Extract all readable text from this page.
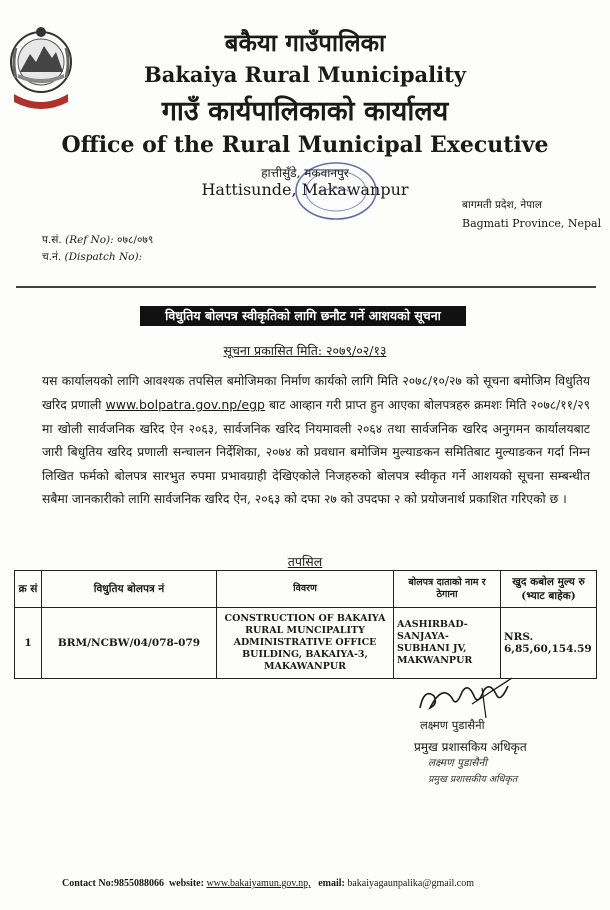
बकैया गाउँपालिका
Bakaiya Rural Municipality
गाउँ कार्यपालिकाको कार्यालय
Office of the Rural Municipal Executive
हात्तीसुँडे, मकवानपुर
Hattisunde, Makawanpur
बागमती प्रदेश, नेपाल
Bagmati Province, Nepal
प.सं. (Ref No): ०७८/०७९
च.नं. (Dispatch No):
विधुतिय बोलपत्र स्वीकृतिको लागि छनौट गर्ने आशयको सूचना
सूचना प्रकासित मिति: २०७९/०२/१३
यस कार्यालयको लागि आवश्यक तपसिल बमोजिमका निर्माण कार्यको लागि मिति २०७८/१०/२७ को सूचना बमोजिम विधुतिय खरिद प्रणाली www.bolpatra.gov.np/egp बाट आव्हान गरी प्राप्त हुन आएका बोलपत्रहरु क्रमशः मिति २०७८/११/२९ मा खोली सार्वजनिक खरिद ऐन २०६३, सार्वजनिक खरिद नियमावली २०६४ तथा सार्वजनिक खरिद अनुगमन कार्यालयबाट जारी बिधुतिय खरिद प्रणाली सन्चालन निर्देशिका, २०७४ को प्रवधान बमोजिम मुल्याङकन समितिबाट मुल्याङकन गर्दा निम्न लिखित फर्मको बोलपत्र सारभुत रुपमा प्रभावग्राही देखिएकोले निजहरुको बोलपत्र स्वीकृत गर्ने आशयको सूचना सम्बन्धीत सबैमा जानकारीको लागि सार्वजनिक खरिद ऐन, २०६३ को दफा २७ को उपदफा २ को प्रयोजनार्थ प्रकाशित गरिएको छ ।
तपसिल
क्र सं	विधुतिय बोलपत्र नं	विवरण	बोलपत्र दाताको नाम र ठेगाना	खुद कबोल मुल्य रु (भ्याट बाहेक)
1	BRM/NCBW/04/078-079	CONSTRUCTION OF BAKAIYA RURAL MUNCIPALITY ADMINISTRATIVE OFFICE BUILDING, BAKAIYA-3, MAKAWANPUR	AASHIRBAD-SANJAYA-SUBHANI JV, MAKWANPUR	NRS. 6,85,60,154.59
लक्ष्मण पुडासैनी
प्रमुख प्रशासकिय अधिकृत
लक्ष्मण पुडासैनी
प्रमुख प्रशासकीय अधिकृत
Contact No:9855088066 website: www.bakaiyamun.gov.np, email: bakaiyagaunpalika@gmail.com
